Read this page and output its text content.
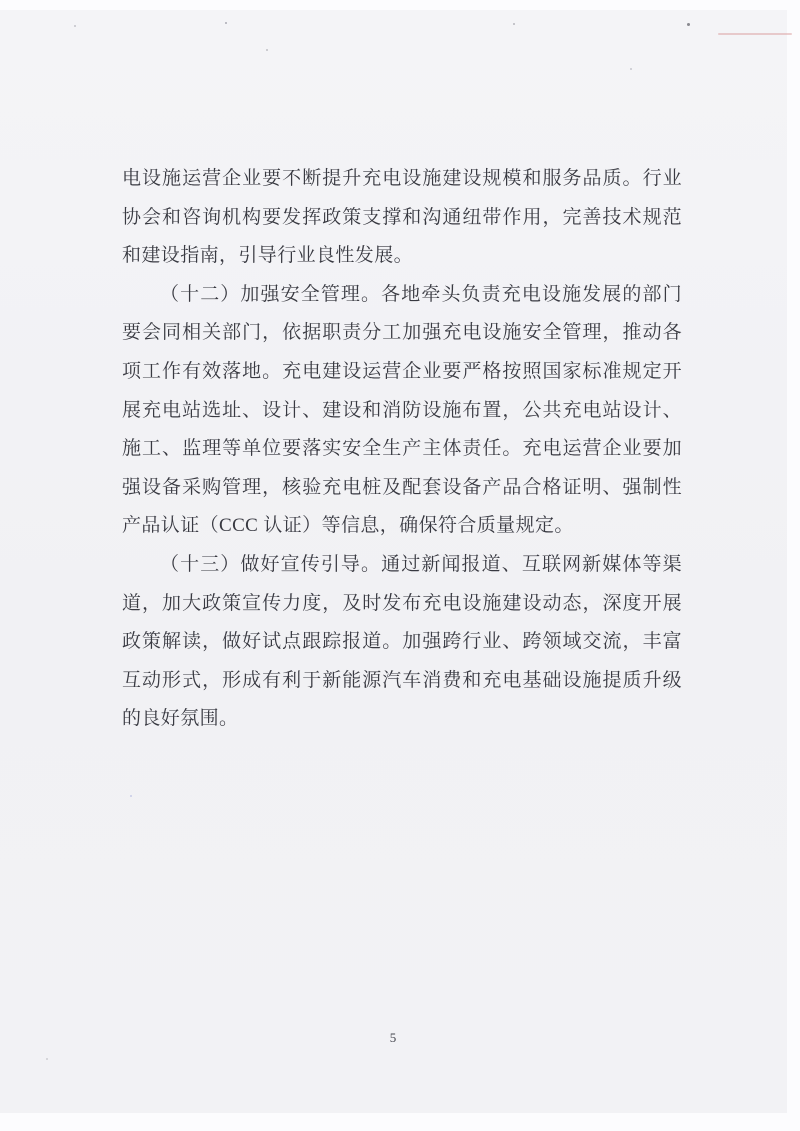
电设施运营企业要不断提升充电设施建设规模和服务品质。行业协会和咨询机构要发挥政策支撑和沟通纽带作用，完善技术规范和建设指南，引导行业良性发展。

（十二）加强安全管理。各地牵头负责充电设施发展的部门要会同相关部门，依据职责分工加强充电设施安全管理，推动各项工作有效落地。充电建设运营企业要严格按照国家标准规定开展充电站选址、设计、建设和消防设施布置，公共充电站设计、施工、监理等单位要落实安全生产主体责任。充电运营企业要加强设备采购管理，核验充电桩及配套设备产品合格证明、强制性产品认证（CCC 认证）等信息，确保符合质量规定。

（十三）做好宣传引导。通过新闻报道、互联网新媒体等渠道，加大政策宣传力度，及时发布充电设施建设动态，深度开展政策解读，做好试点跟踪报道。加强跨行业、跨领域交流，丰富互动形式，形成有利于新能源汽车消费和充电基础设施提质升级的良好氛围。

5
